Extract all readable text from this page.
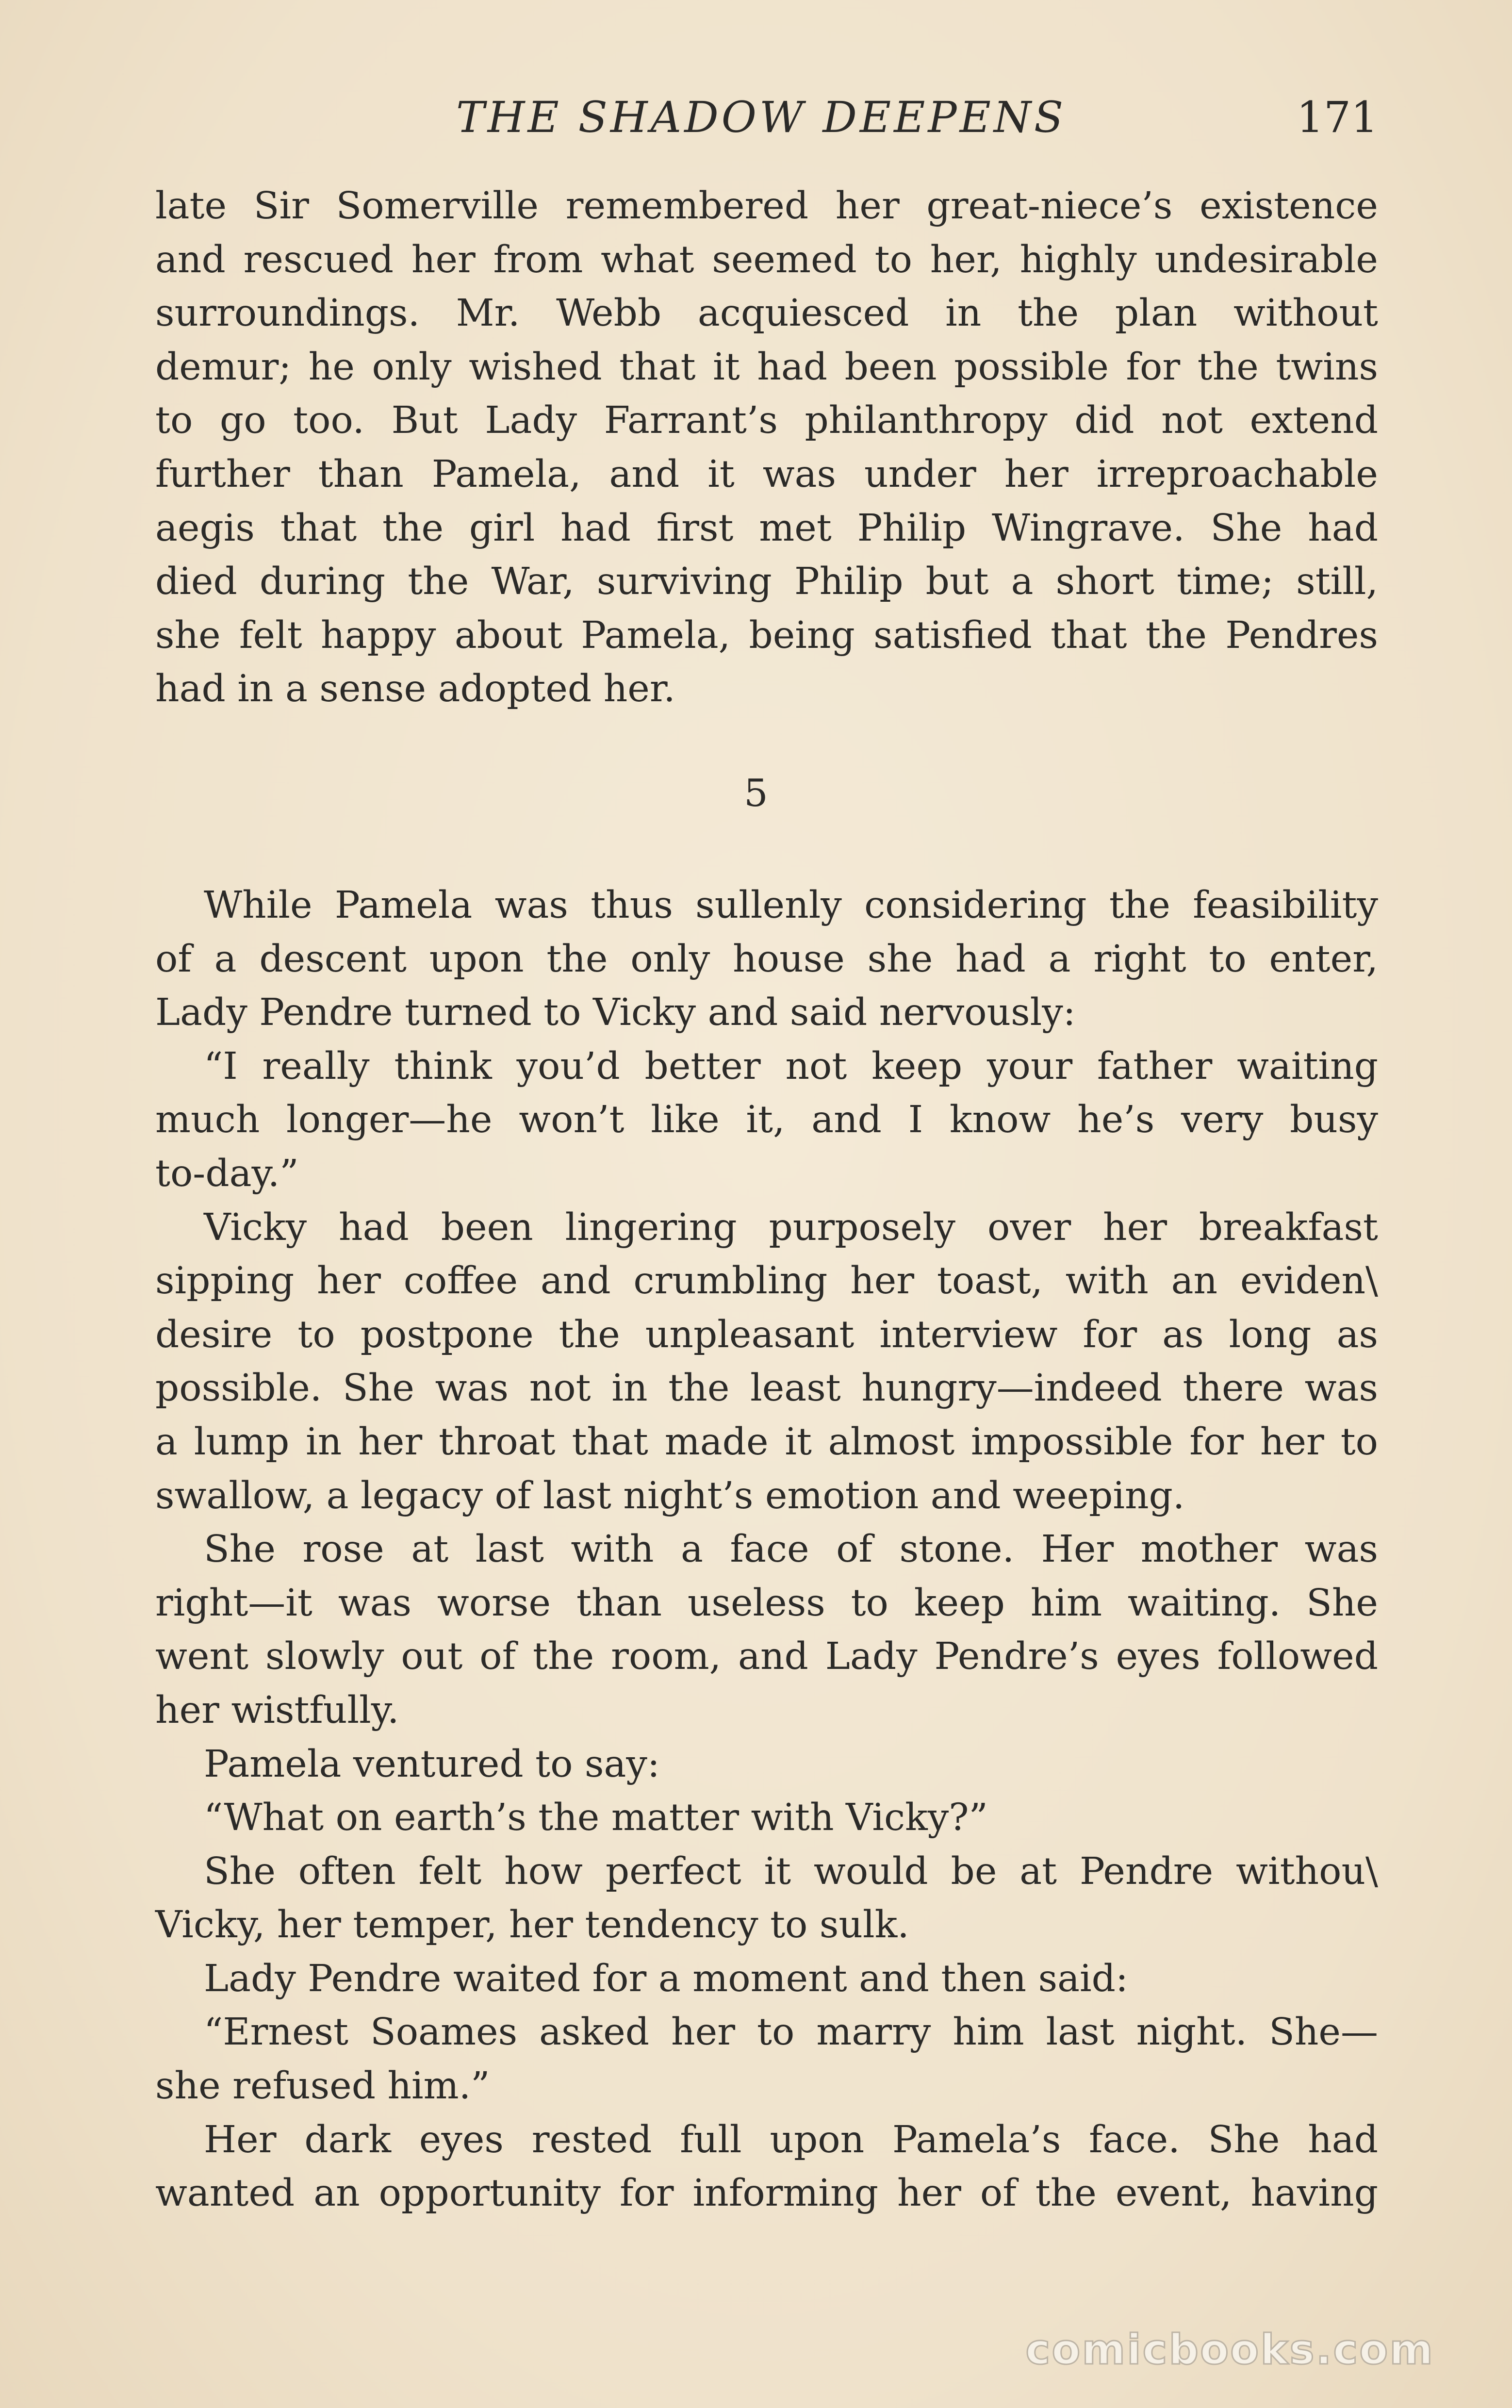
THE SHADOW DEEPENS	171
late Sir Somerville remembered her great-niece’s existence
and rescued her from what seemed to her, highly undesirable
surroundings. Mr. Webb acquiesced in the plan without
demur; he only wished that it had been possible for the twins
to go too. But Lady Farrant’s philanthropy did not extend
further than Pamela, and it was under her irreproachable
aegis that the girl had first met Philip Wingrave. She had
died during the War, surviving Philip but a short time; still,
she felt happy about Pamela, being satisfied that the Pendres
had in a sense adopted her.
5
While Pamela was thus sullenly considering the feasibility
of a descent upon the only house she had a right to enter,
Lady Pendre turned to Vicky and said nervously:
“I really think you’d better not keep your father waiting
much longer—he won’t like it, and I know he’s very busy
to-day.”
Vicky had been lingering purposely over her breakfast
sipping her coffee and crumbling her toast, with an eviden\
desire to postpone the unpleasant interview for as long as
possible. She was not in the least hungry—indeed there was
a lump in her throat that made it almost impossible for her to
swallow, a legacy of last night’s emotion and weeping.
She rose at last with a face of stone. Her mother was
right—it was worse than useless to keep him waiting. She
went slowly out of the room, and Lady Pendre’s eyes followed
her wistfully.
Pamela ventured to say:
“What on earth’s the matter with Vicky?”
She often felt how perfect it would be at Pendre withou\
Vicky, her temper, her tendency to sulk.
Lady Pendre waited for a moment and then said:
“Ernest Soames asked her to marry him last night. She—
she refused him.”
Her dark eyes rested full upon Pamela’s face. She had
wanted an opportunity for informing her of the event, having
comicbooks.com
